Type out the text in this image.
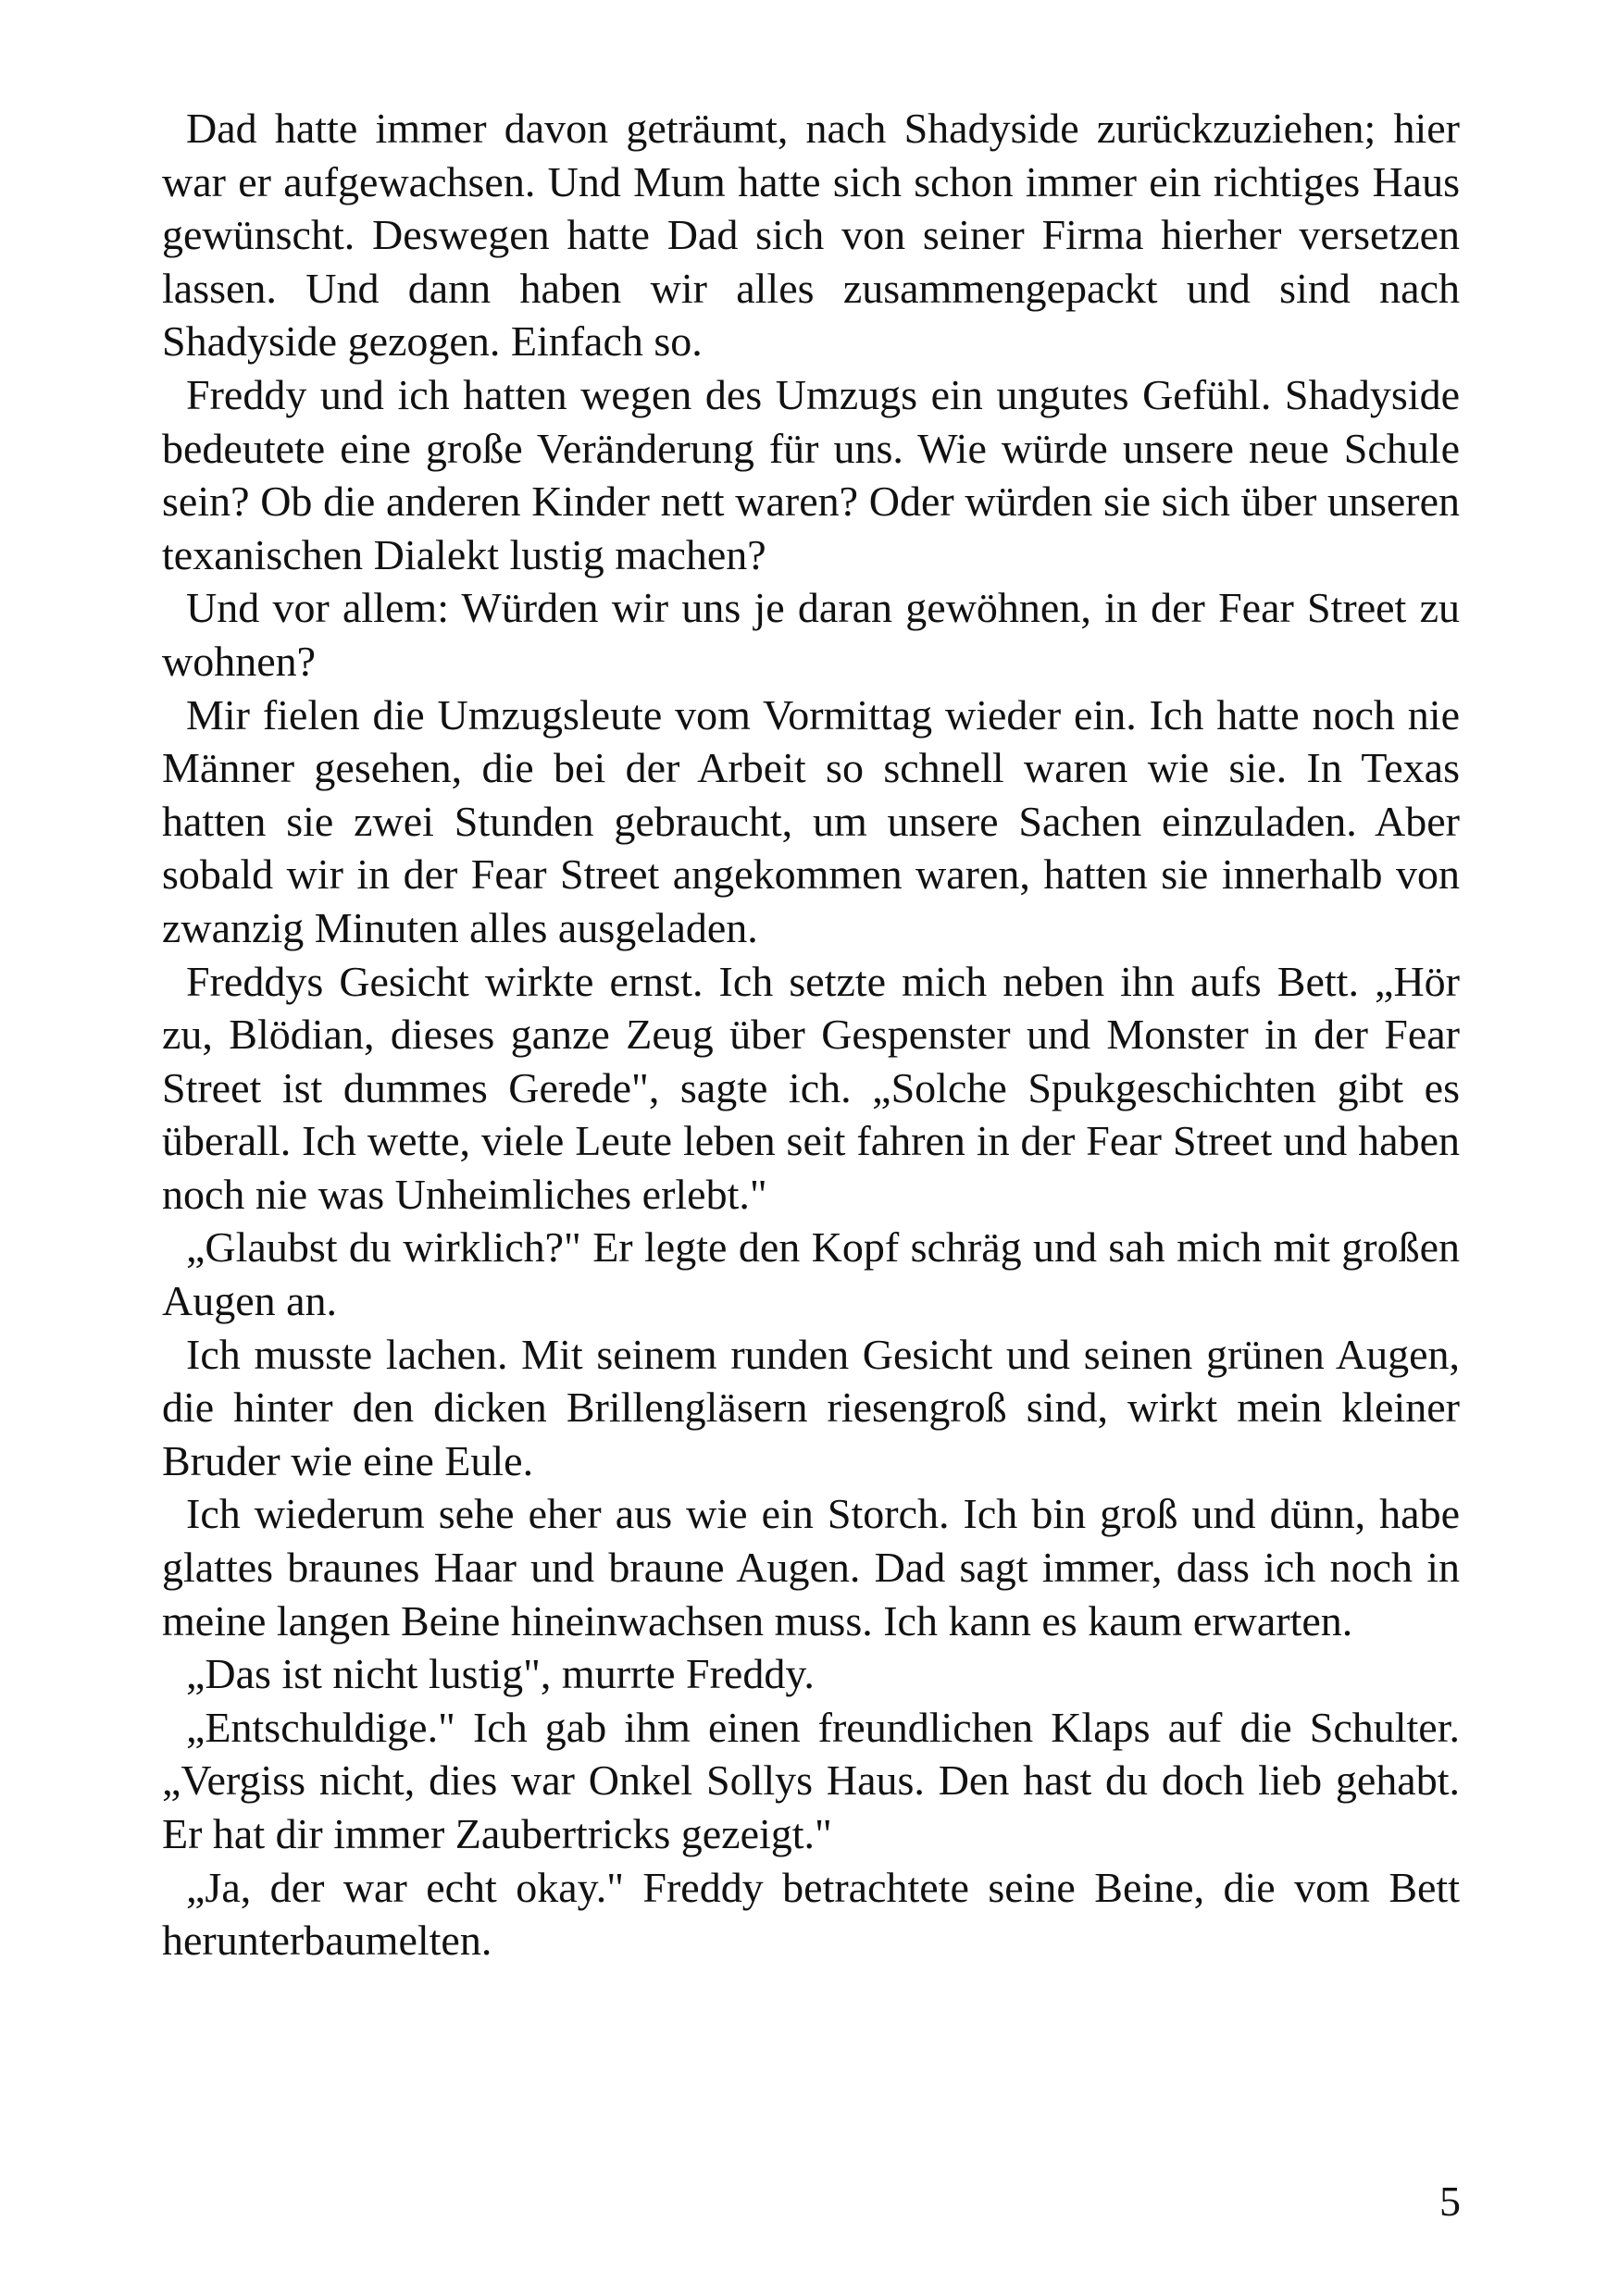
Dad hatte immer davon geträumt, nach Shadyside zurückzuziehen; hier war er aufgewachsen. Und Mum hatte sich schon immer ein richtiges Haus gewünscht. Deswegen hatte Dad sich von seiner Firma hierher versetzen lassen. Und dann haben wir alles zusammengepackt und sind nach Shadyside gezogen. Einfach so.

Freddy und ich hatten wegen des Umzugs ein ungutes Gefühl. Shadyside bedeutete eine große Veränderung für uns. Wie würde unsere neue Schule sein? Ob die anderen Kinder nett waren? Oder würden sie sich über unseren texanischen Dialekt lustig machen?

Und vor allem: Würden wir uns je daran gewöhnen, in der Fear Street zu wohnen?

Mir fielen die Umzugsleute vom Vormittag wieder ein. Ich hatte noch nie Männer gesehen, die bei der Arbeit so schnell waren wie sie. In Texas hatten sie zwei Stunden gebraucht, um unsere Sachen einzuladen. Aber sobald wir in der Fear Street angekommen waren, hatten sie innerhalb von zwanzig Minuten alles ausgeladen.

Freddys Gesicht wirkte ernst. Ich setzte mich neben ihn aufs Bett. „Hör zu, Blödian, dieses ganze Zeug über Gespenster und Monster in der Fear Street ist dummes Gerede", sagte ich. „Solche Spukgeschichten gibt es überall. Ich wette, viele Leute leben seit fahren in der Fear Street und haben noch nie was Unheimliches erlebt."

„Glaubst du wirklich?" Er legte den Kopf schräg und sah mich mit großen Augen an.

Ich musste lachen. Mit seinem runden Gesicht und seinen grünen Augen, die hinter den dicken Brillengläsern riesengroß sind, wirkt mein kleiner Bruder wie eine Eule.

Ich wiederum sehe eher aus wie ein Storch. Ich bin groß und dünn, habe glattes braunes Haar und braune Augen. Dad sagt immer, dass ich noch in meine langen Beine hineinwachsen muss. Ich kann es kaum erwarten.

„Das ist nicht lustig", murrte Freddy.

„Entschuldige." Ich gab ihm einen freundlichen Klaps auf die Schulter. „Vergiss nicht, dies war Onkel Sollys Haus. Den hast du doch lieb gehabt. Er hat dir immer Zaubertricks gezeigt."

„Ja, der war echt okay." Freddy betrachtete seine Beine, die vom Bett herunterbaumelten.

5
